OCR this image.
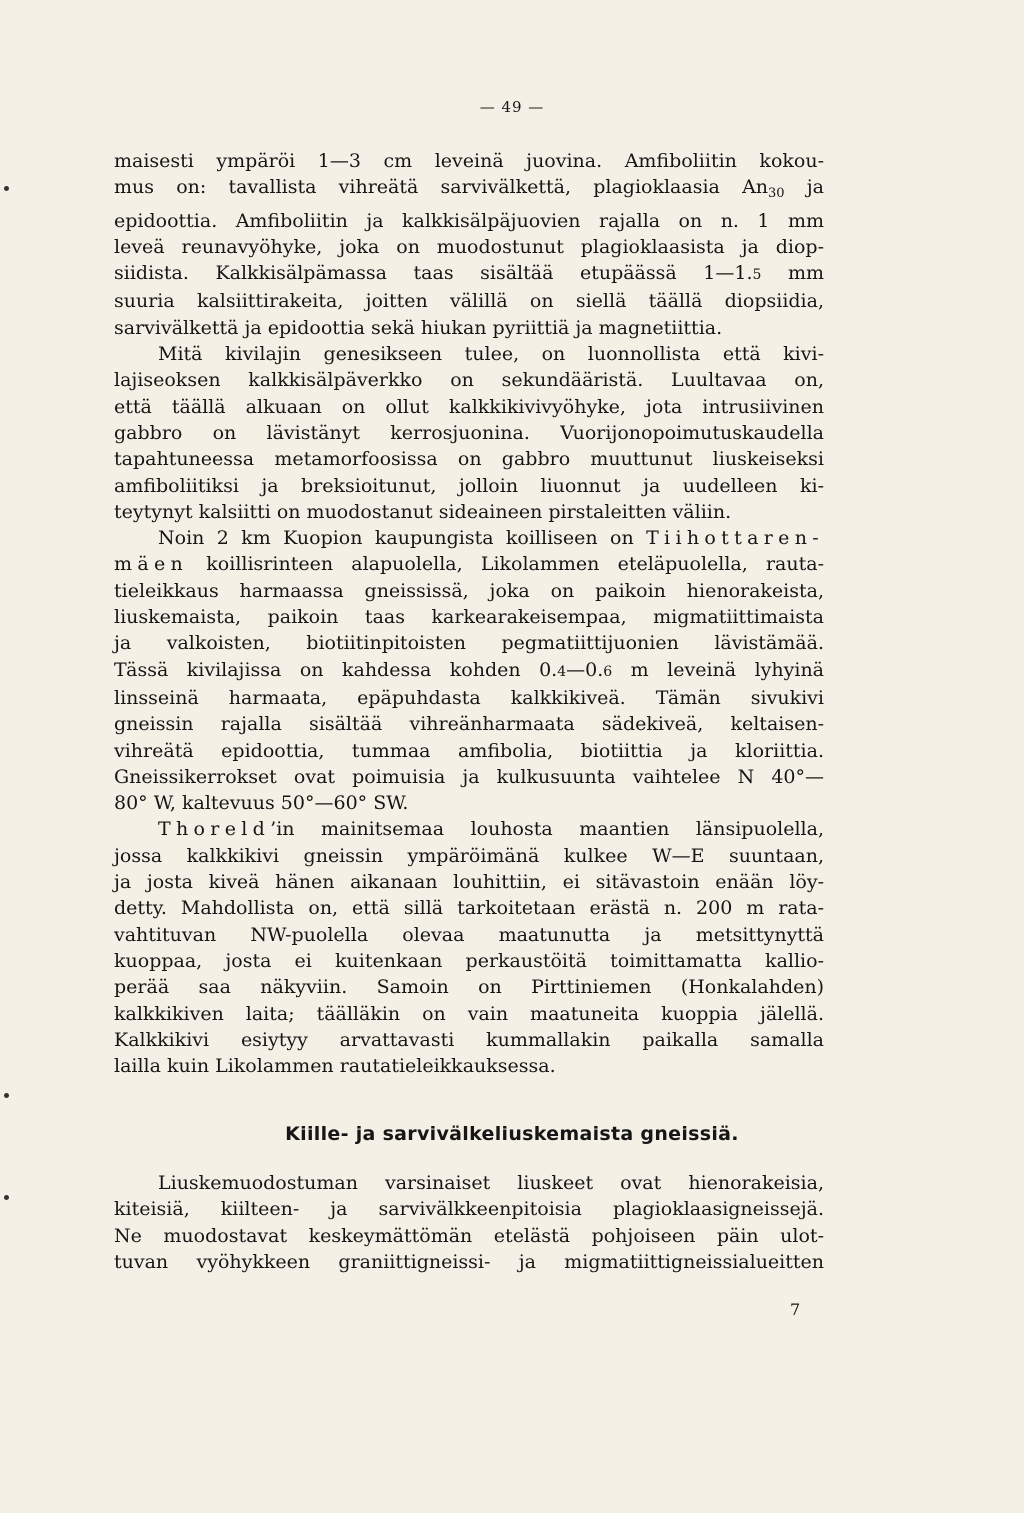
— 49 —
maisesti ympäröi 1—3 cm leveinä juovina. Amfiboliitin kokou-
mus on: tavallista vihreätä sarvivälkettä, plagioklaasia $An_{30}$ ja
epidoottia. Amfiboliitin ja kalkkisälpäjuovien rajalla on n. 1 mm
leveä reunavyöhyke, joka on muodostunut plagioklaasista ja diop-
siidista. Kalkkisälpämassa taas sisältää etupäässä 1—1.5 mm
suuria kalsiittirakeita, joitten välillä on siellä täällä diopsiidia,
sarvivälkettä ja epidoottia sekä hiukan pyriittiä ja magnetiittia.
Mitä kivilajin genesikseen tulee, on luonnollista että kivi-
lajiseoksen kalkkisälpäverkko on sekundääristä. Luultavaa on,
että täällä alkuaan on ollut kalkkikivivyöhyke, jota intrusiivinen
gabbro on lävistänyt kerrosjuonina. Vuorijonopoimutuskaudella
tapahtuneessa metamorfoosissa on gabbro muuttunut liuskeiseksi
amfiboliitiksi ja breksioitunut, jolloin liuonnut ja uudelleen ki-
teytynyt kalsiitti on muodostanut sideaineen pirstaleitten väliin.
Noin 2 km Kuopion kaupungista koilliseen on Tiihottaren-
mäen koillisrinteen alapuolella, Likolammen eteläpuolella, rauta-
tieleikkaus harmaassa gneississä, joka on paikoin hienorakeista,
liuskemaista, paikoin taas karkearakeisempaa, migmatiittimaista
ja valkoisten, biotiitinpitoisten pegmatiittijuonien lävistämää.
Tässä kivilajissa on kahdessa kohden 0.4—0.6 m leveinä lyhyinä
linsseinä harmaata, epäpuhdasta kalkkikiveä. Tämän sivukivi
gneissin rajalla sisältää vihreänharmaata sädekiveä, keltaisen-
vihreätä epidoottia, tummaa amfibolia, biotiittia ja kloriittia.
Gneissikerrokset ovat poimuisia ja kulkusuunta vaihtelee N 40°—
80° W, kaltevuus 50°—60° SW.
Thoreld’in mainitsemaa louhosta maantien länsipuolella,
jossa kalkkikivi gneissin ympäröimänä kulkee W—E suuntaan,
ja josta kiveä hänen aikanaan louhittiin, ei sitävastoin enään löy-
detty. Mahdollista on, että sillä tarkoitetaan erästä n. 200 m rata-
vahtituvan NW-puolella olevaa maatunutta ja metsittynyttä
kuoppaa, josta ei kuitenkaan perkaustöitä toimittamatta kallio-
perää saa näkyviin. Samoin on Pirttiniemen (Honkalahden)
kalkkikiven laita; täälläkin on vain maatuneita kuoppia jälellä.
Kalkkikivi esiytyy arvattavasti kummallakin paikalla samalla
lailla kuin Likolammen rautatieleikkauksessa.
Kiille- ja sarvivälkeliuskemaista gneissiä.
Liuskemuodostuman varsinaiset liuskeet ovat hienorakeisia,
kiteisiä, kiilteen- ja sarvivälkkeenpitoisia plagioklaasigneissejä.
Ne muodostavat keskeymättömän etelästä pohjoiseen päin ulot-
tuvan vyöhykkeen graniittigneissi- ja migmatiittigneissialueitten
7
